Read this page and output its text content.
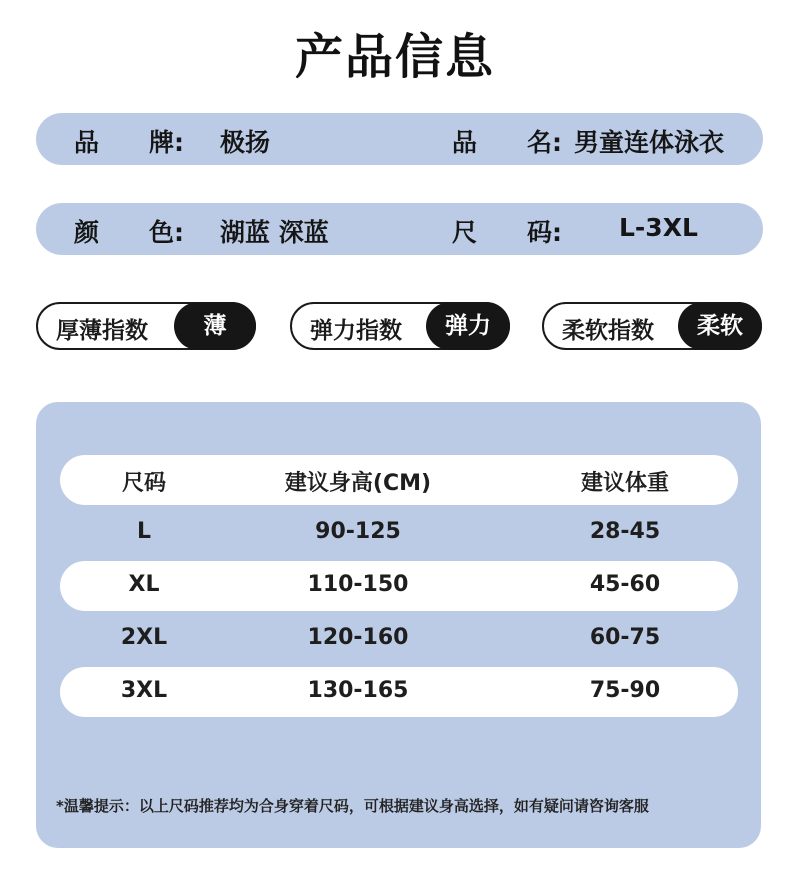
产品信息
品　　牌: 极扬	品　　名: 男童连体泳衣
颜　　色: 湖蓝 深蓝	尺　　码: L-3XL
厚薄指数	薄	弹力指数	弹力	柔软指数	柔软
尺码	建议身高(CM)	建议体重
L	90-125	28-45
XL	110-150	45-60
2XL	120-160	60-75
3XL	130-165	75-90
*温馨提示：以上尺码推荐均为合身穿着尺码，可根据建议身高选择，如有疑问请咨询客服
